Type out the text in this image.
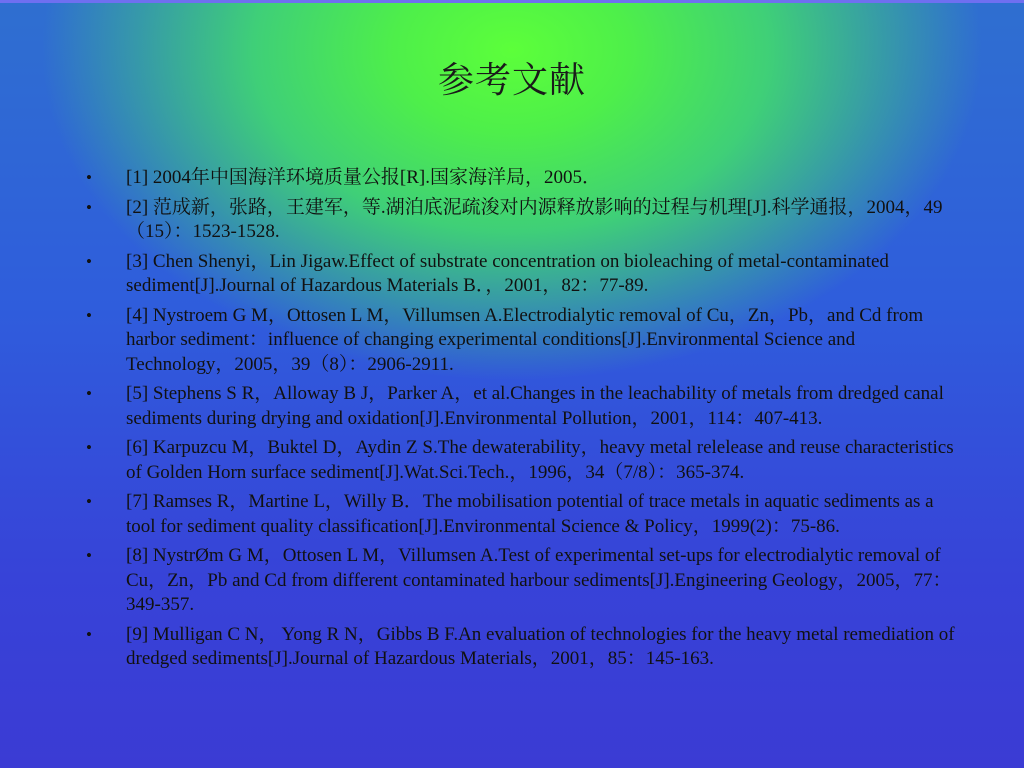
参考文献
• [1] 2004年中国海洋环境质量公报[R].国家海洋局，2005．
• [2] 范成新，张路，王建军，等.湖泊底泥疏浚对内源释放影响的过程与机理[J].科学通报，2004，49（15）：1523-1528.
• [3] Chen Shenyi，Lin Jigaw.Effect of substrate concentration on bioleaching of metal-contaminated sediment[J].Journal of Hazardous Materials B．，2001，82：77-89.
• [4] Nystroem G M，Ottosen L M，Villumsen A.Electrodialytic removal of Cu，Zn，Pb，and Cd from harbor sediment：influence of changing experimental conditions[J].Environmental Science and Technology，2005，39（8）：2906-2911.
• [5] Stephens S R，Alloway B J，Parker A，et al.Changes in the leachability of metals from dredged canal sediments during drying and oxidation[J].Environmental Pollution，2001，114：407-413.
• [6] Karpuzcu M，Buktel D，Aydin Z S.The dewaterability，heavy metal relelease and reuse characteristics of Golden Horn surface sediment[J].Wat.Sci.Tech.，1996，34（7/8）：365-374.
• [7] Ramses R，Martine L，Willy B．The mobilisation potential of trace metals in aquatic sediments as a tool for sediment quality classification[J].Environmental Science & Policy，1999(2)：75-86.
• [8] NystrØm G M，Ottosen L M，Villumsen A.Test of experimental set-ups for electrodialytic removal of Cu，Zn，Pb and Cd from different contaminated harbour sediments[J].Engineering Geology，2005，77：349-357.
• [9] Mulligan C N， Yong R N，Gibbs B F.An evaluation of technologies for the heavy metal remediation of dredged sediments[J].Journal of Hazardous Materials，2001，85：145-163.
